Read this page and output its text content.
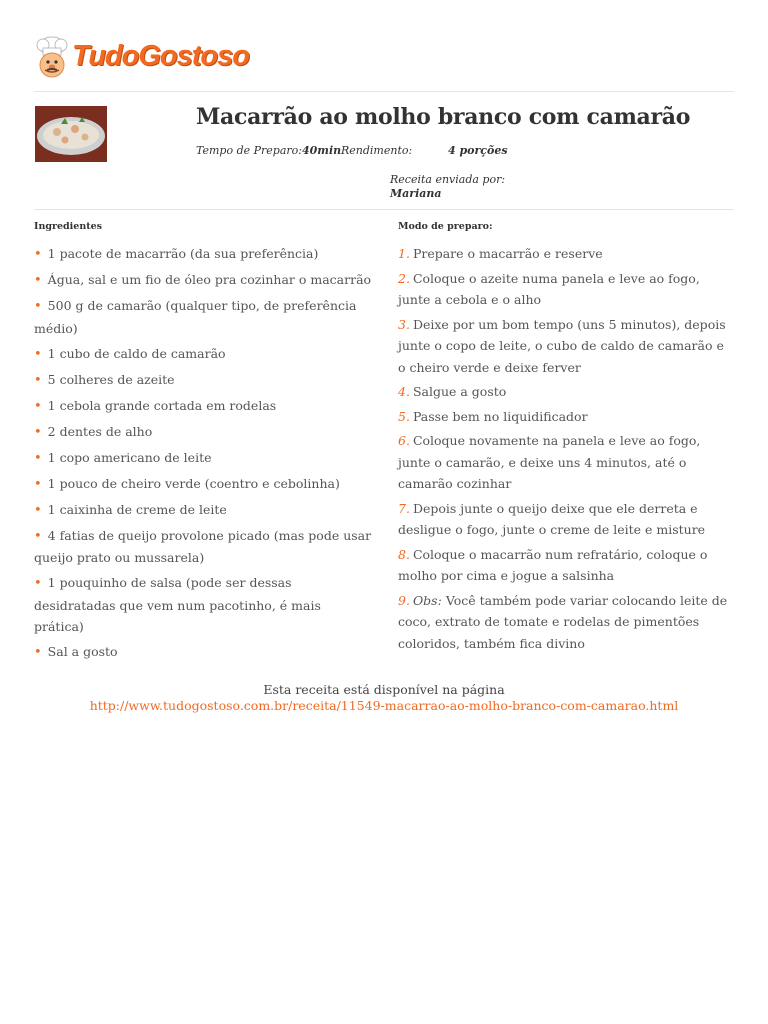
TudoGostoso
Macarrão ao molho branco com camarão
Tempo de Preparo: 40min Rendimento:	4 porções
Receita enviada por:
Mariana
Ingredientes
• 1 pacote de macarrão (da sua preferência)
• Água, sal e um fio de óleo pra cozinhar o macarrão
• 500 g de camarão (qualquer tipo, de preferência médio)
• 1 cubo de caldo de camarão
• 5 colheres de azeite
• 1 cebola grande cortada em rodelas
• 2 dentes de alho
• 1 copo americano de leite
• 1 pouco de cheiro verde (coentro e cebolinha)
• 1 caixinha de creme de leite
• 4 fatias de queijo provolone picado (mas pode usar queijo prato ou mussarela)
• 1 pouquinho de salsa (pode ser dessas desidratadas que vem num pacotinho, é mais prática)
• Sal a gosto
Modo de preparo:
1. Prepare o macarrão e reserve
2. Coloque o azeite numa panela e leve ao fogo, junte a cebola e o alho
3. Deixe por um bom tempo (uns 5 minutos), depois junte o copo de leite, o cubo de caldo de camarão e o cheiro verde e deixe ferver
4. Salgue a gosto
5. Passe bem no liquidificador
6. Coloque novamente na panela e leve ao fogo, junte o camarão, e deixe uns 4 minutos, até o camarão cozinhar
7. Depois junte o queijo deixe que ele derreta e desligue o fogo, junte o creme de leite e misture
8. Coloque o macarrão num refratário, coloque o molho por cima e jogue a salsinha
9. Obs: Você também pode variar colocando leite de coco, extrato de tomate e rodelas de pimentões coloridos, também fica divino
Esta receita está disponível na página
http://www.tudogostoso.com.br/receita/11549-macarrao-ao-molho-branco-com-camarao.html
